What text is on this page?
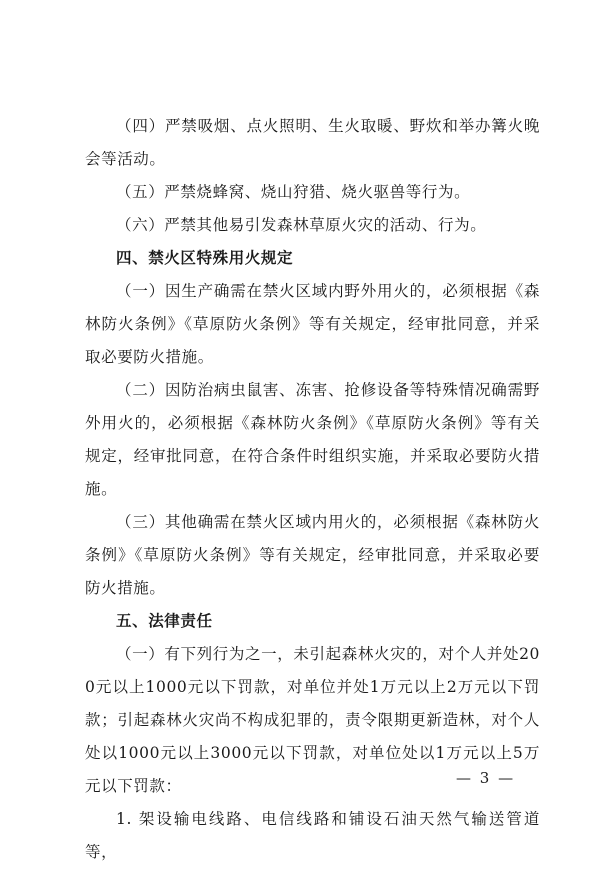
（四）严禁吸烟、点火照明、生火取暖、野炊和举办篝火晚会等活动。

（五）严禁烧蜂窝、烧山狩猎、烧火驱兽等行为。

（六）严禁其他易引发森林草原火灾的活动、行为。

四、禁火区特殊用火规定

（一）因生产确需在禁火区域内野外用火的，必须根据《森林防火条例》《草原防火条例》等有关规定，经审批同意，并采取必要防火措施。

（二）因防治病虫鼠害、冻害、抢修设备等特殊情况确需野外用火的，必须根据《森林防火条例》《草原防火条例》等有关规定，经审批同意，在符合条件时组织实施，并采取必要防火措施。

（三）其他确需在禁火区域内用火的，必须根据《森林防火条例》《草原防火条例》等有关规定，经审批同意，并采取必要防火措施。

五、法律责任

（一）有下列行为之一，未引起森林火灾的，对个人并处200元以上1000元以下罚款，对单位并处1万元以上2万元以下罚款；引起森林火灾尚不构成犯罪的，责令限期更新造林，对个人处以1000元以上3000元以下罚款，对单位处以1万元以上5万元以下罚款：

1. 架设输电线路、电信线路和铺设石油天然气输送管道等，

— 3 —
